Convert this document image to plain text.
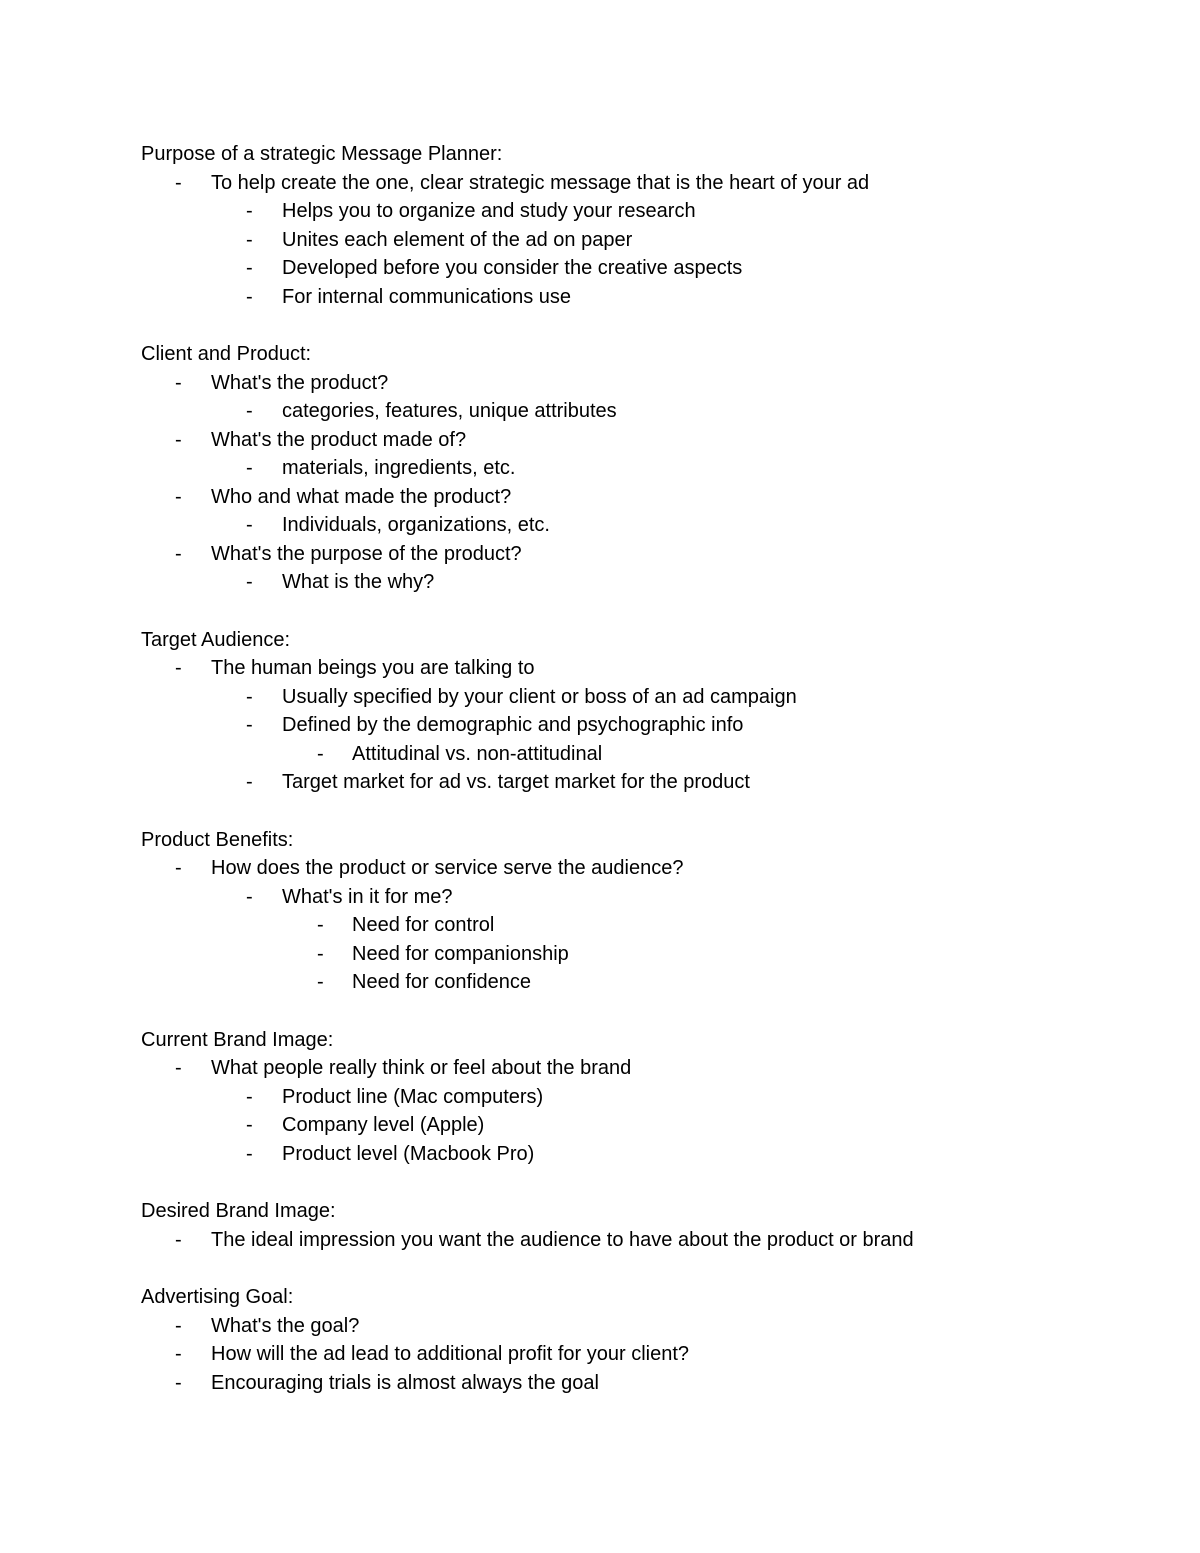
Purpose of a strategic Message Planner:
- To help create the one, clear strategic message that is the heart of your ad
- Helps you to organize and study your research
- Unites each element of the ad on paper
- Developed before you consider the creative aspects
- For internal communications use
Client and Product:
- What's the product?
- categories, features, unique attributes
- What's the product made of?
- materials, ingredients, etc.
- Who and what made the product?
- Individuals, organizations, etc.
- What's the purpose of the product?
- What is the why?
Target Audience:
- The human beings you are talking to
- Usually specified by your client or boss of an ad campaign
- Defined by the demographic and psychographic info
- Attitudinal vs. non-attitudinal
- Target market for ad vs. target market for the product
Product Benefits:
- How does the product or service serve the audience?
- What's in it for me?
- Need for control
- Need for companionship
- Need for confidence
Current Brand Image:
- What people really think or feel about the brand
- Product line (Mac computers)
- Company level (Apple)
- Product level (Macbook Pro)
Desired Brand Image:
- The ideal impression you want the audience to have about the product or brand
Advertising Goal:
- What's the goal?
- How will the ad lead to additional profit for your client?
- Encouraging trials is almost always the goal
